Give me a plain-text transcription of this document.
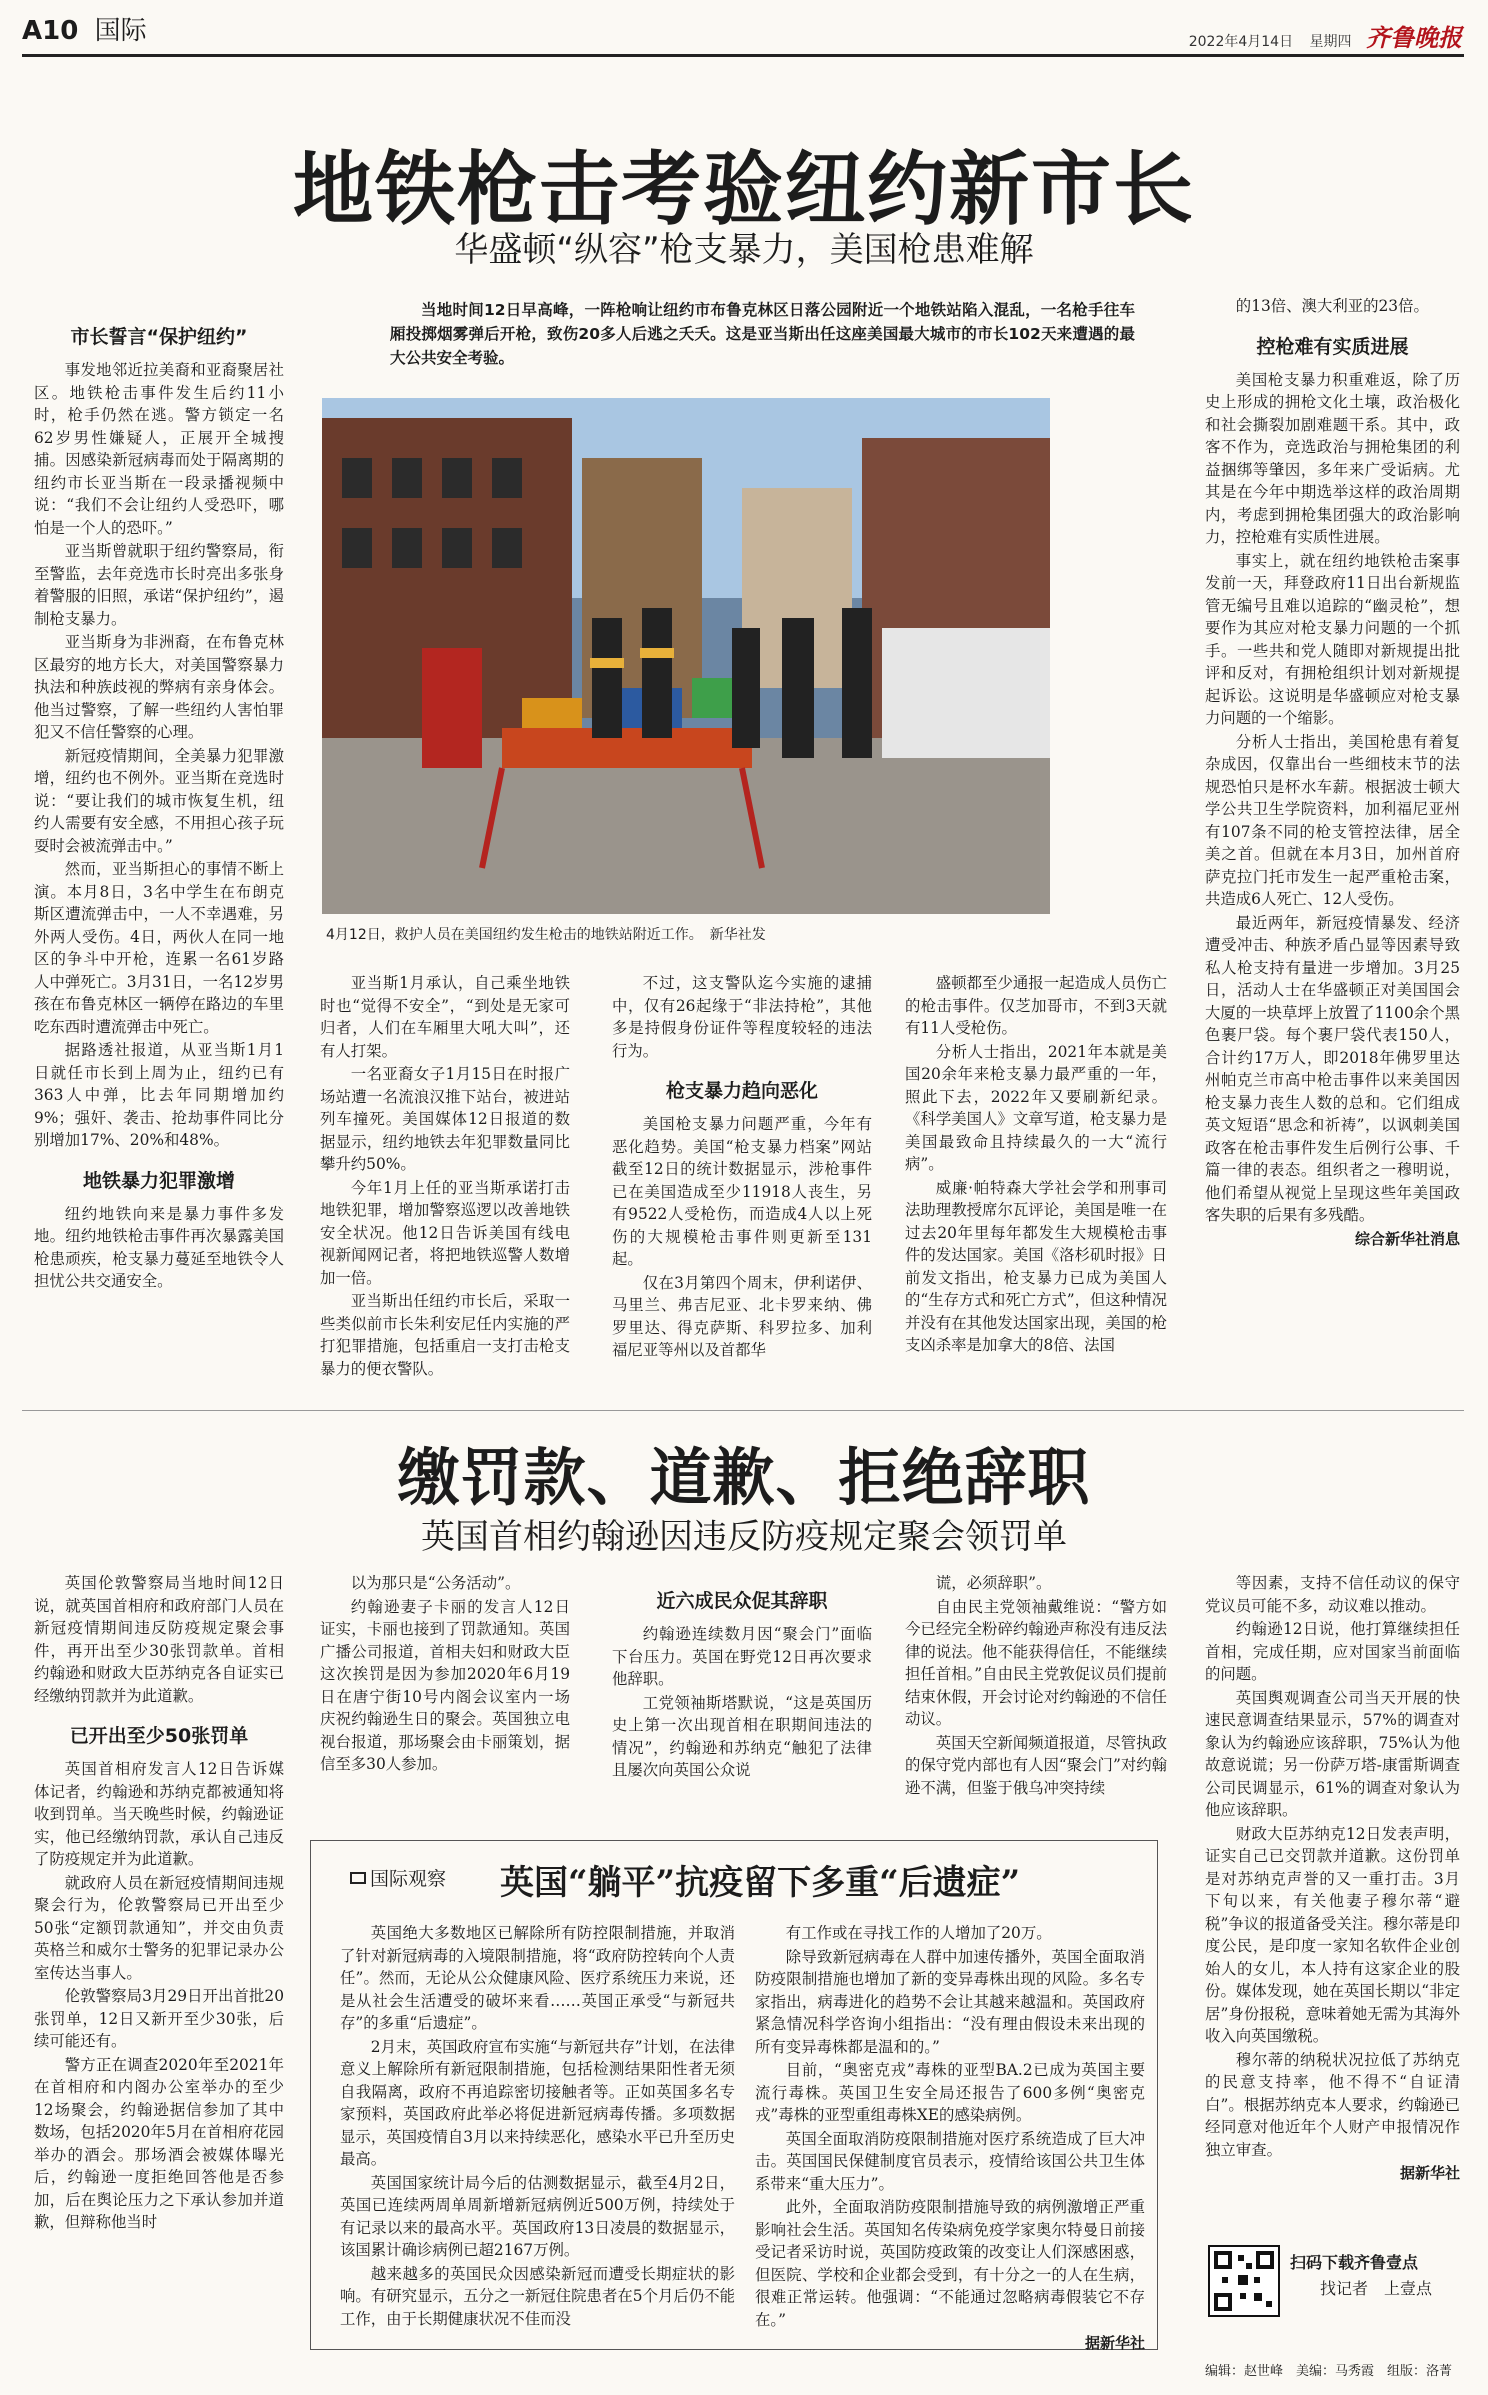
A10 国际	2022年4月14日 星期四 齐鲁晚报
地铁枪击考验纽约新市长
华盛顿“纵容”枪支暴力，美国枪患难解
当地时间12日早高峰，一阵枪响让纽约市布鲁克林区日落公园附近一个地铁站陷入混乱，一名枪手往车厢投掷烟雾弹后开枪，致伤20多人后逃之夭夭。这是亚当斯出任这座美国最大城市的市长102天来遭遇的最大公共安全考验。
4月12日，救护人员在美国纽约发生枪击的地铁站附近工作。　新华社发
市长誓言“保护纽约”

事发地邻近拉美裔和亚裔聚居社区。地铁枪击事件发生后约11小时，枪手仍然在逃。警方锁定一名62岁男性嫌疑人，正展开全城搜捕。因感染新冠病毒而处于隔离期的纽约市长亚当斯在一段录播视频中说：“我们不会让纽约人受恐吓，哪怕是一个人的恐吓。”

亚当斯曾就职于纽约警察局，衔至警监，去年竞选市长时亮出多张身着警服的旧照，承诺“保护纽约”，遏制枪支暴力。

亚当斯身为非洲裔，在布鲁克林区最穷的地方长大，对美国警察暴力执法和种族歧视的弊病有亲身体会。他当过警察，了解一些纽约人害怕罪犯又不信任警察的心理。

新冠疫情期间，全美暴力犯罪激增，纽约也不例外。亚当斯在竞选时说：“要让我们的城市恢复生机，纽约人需要有安全感，不用担心孩子玩耍时会被流弹击中。”

然而，亚当斯担心的事情不断上演。本月8日，3名中学生在布朗克斯区遭流弹击中，一人不幸遇难，另外两人受伤。4日，两伙人在同一地区的争斗中开枪，连累一名61岁路人中弹死亡。3月31日，一名12岁男孩在布鲁克林区一辆停在路边的车里吃东西时遭流弹击中死亡。

据路透社报道，从亚当斯1月1日就任市长到上周为止，纽约已有363人中弹，比去年同期增加约9%；强奸、袭击、抢劫事件同比分别增加17%、20%和48%。

地铁暴力犯罪激增

纽约地铁向来是暴力事件多发地。纽约地铁枪击事件再次暴露美国枪患顽疾，枪支暴力蔓延至地铁令人担忧公共交通安全。

亚当斯1月承认，自己乘坐地铁时也“觉得不安全”，“到处是无家可归者，人们在车厢里大吼大叫”，还有人打架。

一名亚裔女子1月15日在时报广场站遭一名流浪汉推下站台，被进站列车撞死。美国媒体12日报道的数据显示，纽约地铁去年犯罪数量同比攀升约50%。

今年1月上任的亚当斯承诺打击地铁犯罪，增加警察巡逻以改善地铁安全状况。他12日告诉美国有线电视新闻网记者，将把地铁巡警人数增加一倍。

亚当斯出任纽约市长后，采取一些类似前市长朱利安尼任内实施的严打犯罪措施，包括重启一支打击枪支暴力的便衣警队。

不过，这支警队迄今实施的逮捕中，仅有26起缘于“非法持枪”，其他多是持假身份证件等程度较轻的违法行为。

枪支暴力趋向恶化

美国枪支暴力问题严重，今年有恶化趋势。美国“枪支暴力档案”网站截至12日的统计数据显示，涉枪事件已在美国造成至少11918人丧生，另有9522人受枪伤，而造成4人以上死伤的大规模枪击事件则更新至131起。

仅在3月第四个周末，伊利诺伊、马里兰、弗吉尼亚、北卡罗来纳、佛罗里达、得克萨斯、科罗拉多、加利福尼亚等州以及首都华

盛顿都至少通报一起造成人员伤亡的枪击事件。仅芝加哥市，不到3天就有11人受枪伤。

分析人士指出，2021年本就是美国20余年来枪支暴力最严重的一年，照此下去，2022年又要刷新纪录。《科学美国人》文章写道，枪支暴力是美国最致命且持续最久的一大“流行病”。

威廉·帕特森大学社会学和刑事司法助理教授席尔瓦评论，美国是唯一在过去20年里每年都发生大规模枪击事件的发达国家。美国《洛杉矶时报》日前发文指出，枪支暴力已成为美国人的“生存方式和死亡方式”，但这种情况并没有在其他发达国家出现，美国的枪支凶杀率是加拿大的8倍、法国

的13倍、澳大利亚的23倍。

控枪难有实质进展

美国枪支暴力积重难返，除了历史上形成的拥枪文化土壤，政治极化和社会撕裂加剧难题干系。其中，政客不作为，竞选政治与拥枪集团的利益捆绑等肇因，多年来广受诟病。尤其是在今年中期选举这样的政治周期内，考虑到拥枪集团强大的政治影响力，控枪难有实质性进展。

事实上，就在纽约地铁枪击案事发前一天，拜登政府11日出台新规监管无编号且难以追踪的“幽灵枪”，想要作为其应对枪支暴力问题的一个抓手。一些共和党人随即对新规提出批评和反对，有拥枪组织计划对新规提起诉讼。这说明是华盛顿应对枪支暴力问题的一个缩影。

分析人士指出，美国枪患有着复杂成因，仅靠出台一些细枝末节的法规恐怕只是杯水车薪。根据波士顿大学公共卫生学院资料，加利福尼亚州有107条不同的枪支管控法律，居全美之首。但就在本月3日，加州首府萨克拉门托市发生一起严重枪击案，共造成6人死亡、12人受伤。

最近两年，新冠疫情暴发、经济遭受冲击、种族矛盾凸显等因素导致私人枪支持有量进一步增加。3月25日，活动人士在华盛顿正对美国国会大厦的一块草坪上放置了1100余个黑色裹尸袋。每个裹尸袋代表150人，合计约17万人，即2018年佛罗里达州帕克兰市高中枪击事件以来美国因枪支暴力丧生人数的总和。它们组成英文短语“思念和祈祷”，以讽刺美国政客在枪击事件发生后例行公事、千篇一律的表态。组织者之一穆明说，他们希望从视觉上呈现这些年美国政客失职的后果有多残酷。

综合新华社消息

缴罚款、道歉、拒绝辞职
英国首相约翰逊因违反防疫规定聚会领罚单

英国伦敦警察局当地时间12日说，就英国首相府和政府部门人员在新冠疫情期间违反防疫规定聚会事件，再开出至少30张罚款单。首相约翰逊和财政大臣苏纳克各自证实已经缴纳罚款并为此道歉。

已开出至少50张罚单

英国首相府发言人12日告诉媒体记者，约翰逊和苏纳克都被通知将收到罚单。当天晚些时候，约翰逊证实，他已经缴纳罚款，承认自己违反了防疫规定并为此道歉。

就政府人员在新冠疫情期间违规聚会行为，伦敦警察局已开出至少50张“定额罚款通知”，并交由负责英格兰和威尔士警务的犯罪记录办公室传达当事人。

伦敦警察局3月29日开出首批20张罚单，12日又新开至少30张，后续可能还有。

警方正在调查2020年至2021年在首相府和内阁办公室举办的至少12场聚会，约翰逊据信参加了其中数场，包括2020年5月在首相府花园举办的酒会。那场酒会被媒体曝光后，约翰逊一度拒绝回答他是否参加，后在舆论压力之下承认参加并道歉，但辩称他当时

以为那只是“公务活动”。

约翰逊妻子卡丽的发言人12日证实，卡丽也接到了罚款通知。英国广播公司报道，首相夫妇和财政大臣这次挨罚是因为参加2020年6月19日在唐宁街10号内阁会议室内一场庆祝约翰逊生日的聚会。英国独立电视台报道，那场聚会由卡丽策划，据信至多30人参加。

近六成民众促其辞职

约翰逊连续数月因“聚会门”面临下台压力。英国在野党12日再次要求他辞职。

工党领袖斯塔默说，“这是英国历史上第一次出现首相在职期间违法的情况”，约翰逊和苏纳克“触犯了法律且屡次向英国公众说

谎，必须辞职”。

自由民主党领袖戴维说：“警方如今已经完全粉碎约翰逊声称没有违反法律的说法。他不能获得信任，不能继续担任首相。”自由民主党敦促议员们提前结束休假，开会讨论对约翰逊的不信任动议。

英国天空新闻频道报道，尽管执政的保守党内部也有人因“聚会门”对约翰逊不满，但鉴于俄乌冲突持续

等因素，支持不信任动议的保守党议员可能不多，动议难以推动。

约翰逊12日说，他打算继续担任首相，完成任期，应对国家当前面临的问题。

英国舆观调查公司当天开展的快速民意调查结果显示，57%的调查对象认为约翰逊应该辞职，75%认为他故意说谎；另一份萨万塔-康雷斯调查公司民调显示，61%的调查对象认为他应该辞职。

财政大臣苏纳克12日发表声明，证实自己已交罚款并道歉。这份罚单是对苏纳克声誉的又一重打击。3月下旬以来，有关他妻子穆尔蒂“避税”争议的报道备受关注。穆尔蒂是印度公民，是印度一家知名软件企业创始人的女儿，本人持有这家企业的股份。媒体发现，她在英国长期以“非定居”身份报税，意味着她无需为其海外收入向英国缴税。

穆尔蒂的纳税状况拉低了苏纳克的民意支持率，他不得不“自证清白”。根据苏纳克本人要求，约翰逊已经同意对他近年个人财产申报情况作独立审查。

据新华社

国际观察 英国“躺平”抗疫留下多重“后遗症”

英国绝大多数地区已解除所有防控限制措施，并取消了针对新冠病毒的入境限制措施，将“政府防控转向个人责任”。然而，无论从公众健康风险、医疗系统压力来说，还是从社会生活遭受的破坏来看……英国正承受“与新冠共存”的多重“后遗症”。

2月末，英国政府宣布实施“与新冠共存”计划，在法律意义上解除所有新冠限制措施，包括检测结果阳性者无须自我隔离，政府不再追踪密切接触者等。正如英国多名专家预料，英国政府此举必将促进新冠病毒传播。多项数据显示，英国疫情自3月以来持续恶化，感染水平已升至历史最高。

英国国家统计局今后的估测数据显示，截至4月2日，英国已连续两周单周新增新冠病例近500万例，持续处于有记录以来的最高水平。英国政府13日凌晨的数据显示，该国累计确诊病例已超2167万例。

越来越多的英国民众因感染新冠而遭受长期症状的影响。有研究显示，五分之一新冠住院患者在5个月后仍不能工作，由于长期健康状况不佳而没

有工作或在寻找工作的人增加了20万。

除导致新冠病毒在人群中加速传播外，英国全面取消防疫限制措施也增加了新的变异毒株出现的风险。多名专家指出，病毒进化的趋势不会让其越来越温和。英国政府紧急情况科学咨询小组指出：“没有理由假设未来出现的所有变异毒株都是温和的。”

目前，“奥密克戎”毒株的亚型BA.2已成为英国主要流行毒株。英国卫生安全局还报告了600多例“奥密克戎”毒株的亚型重组毒株XE的感染病例。

英国全面取消防疫限制措施对医疗系统造成了巨大冲击。英国国民保健制度官员表示，疫情给该国公共卫生体系带来“重大压力”。

此外，全面取消防疫限制措施导致的病例激增正严重影响社会生活。英国知名传染病免疫学家奥尔特曼日前接受记者采访时说，英国防疫政策的改变让人们深感困惑，但医院、学校和企业都会受到，有十分之一的人在生病，很难正常运转。他强调：“不能通过忽略病毒假装它不存在。”

据新华社

扫码下载齐鲁壹点
找记者　上壹点
编辑：赵世峰　美编：马秀霞　组版：洛菁
